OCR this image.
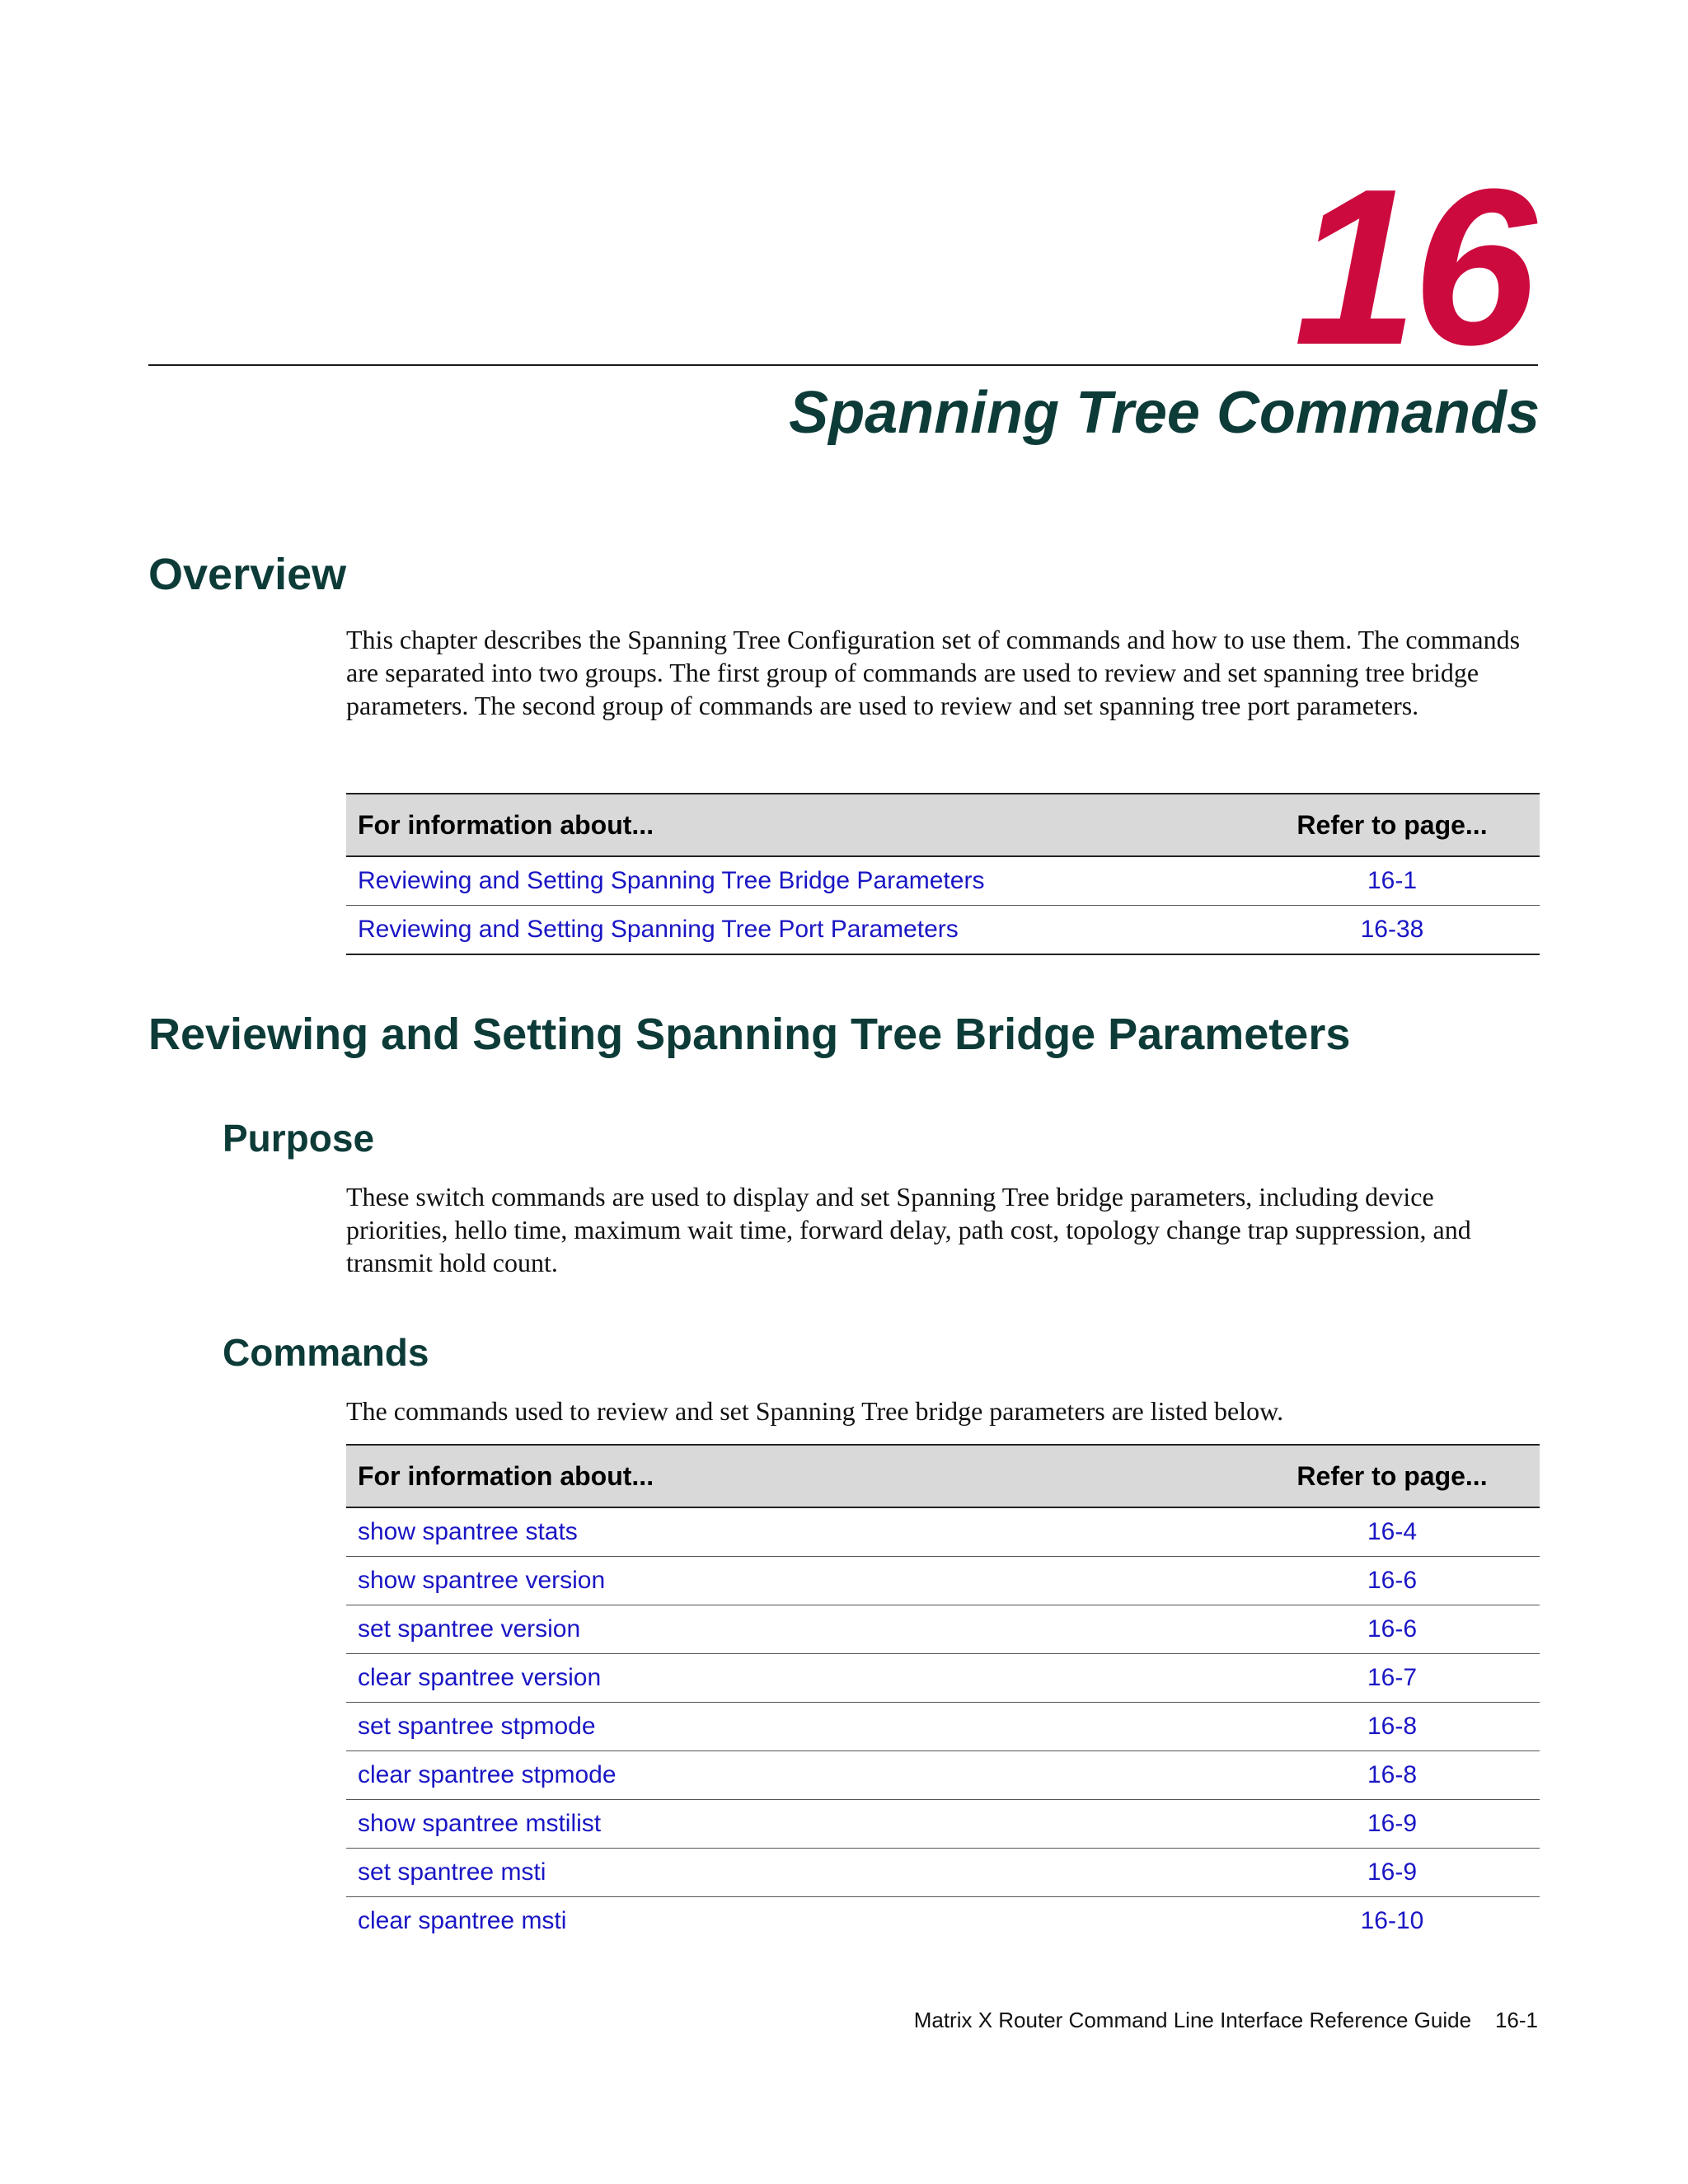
16
Spanning Tree Commands
Overview

This chapter describes the Spanning Tree Configuration set of commands and how to use them. The commands are separated into two groups. The first group of commands are used to review and set spanning tree bridge parameters. The second group of commands are used to review and set spanning tree port parameters.

For information about...	Refer to page...
Reviewing and Setting Spanning Tree Bridge Parameters	16-1
Reviewing and Setting Spanning Tree Port Parameters	16-38
Reviewing and Setting Spanning Tree Bridge Parameters
Purpose

These switch commands are used to display and set Spanning Tree bridge parameters, including device priorities, hello time, maximum wait time, forward delay, path cost, topology change trap suppression, and transmit hold count.

Commands

The commands used to review and set Spanning Tree bridge parameters are listed below.

For information about...	Refer to page...
show spantree stats	16-4
show spantree version	16-6
set spantree version	16-6
clear spantree version	16-7
set spantree stpmode	16-8
clear spantree stpmode	16-8
show spantree mstilist	16-9
set spantree msti	16-9
clear spantree msti	16-10
Matrix X Router Command Line Interface Reference Guide 16-1
